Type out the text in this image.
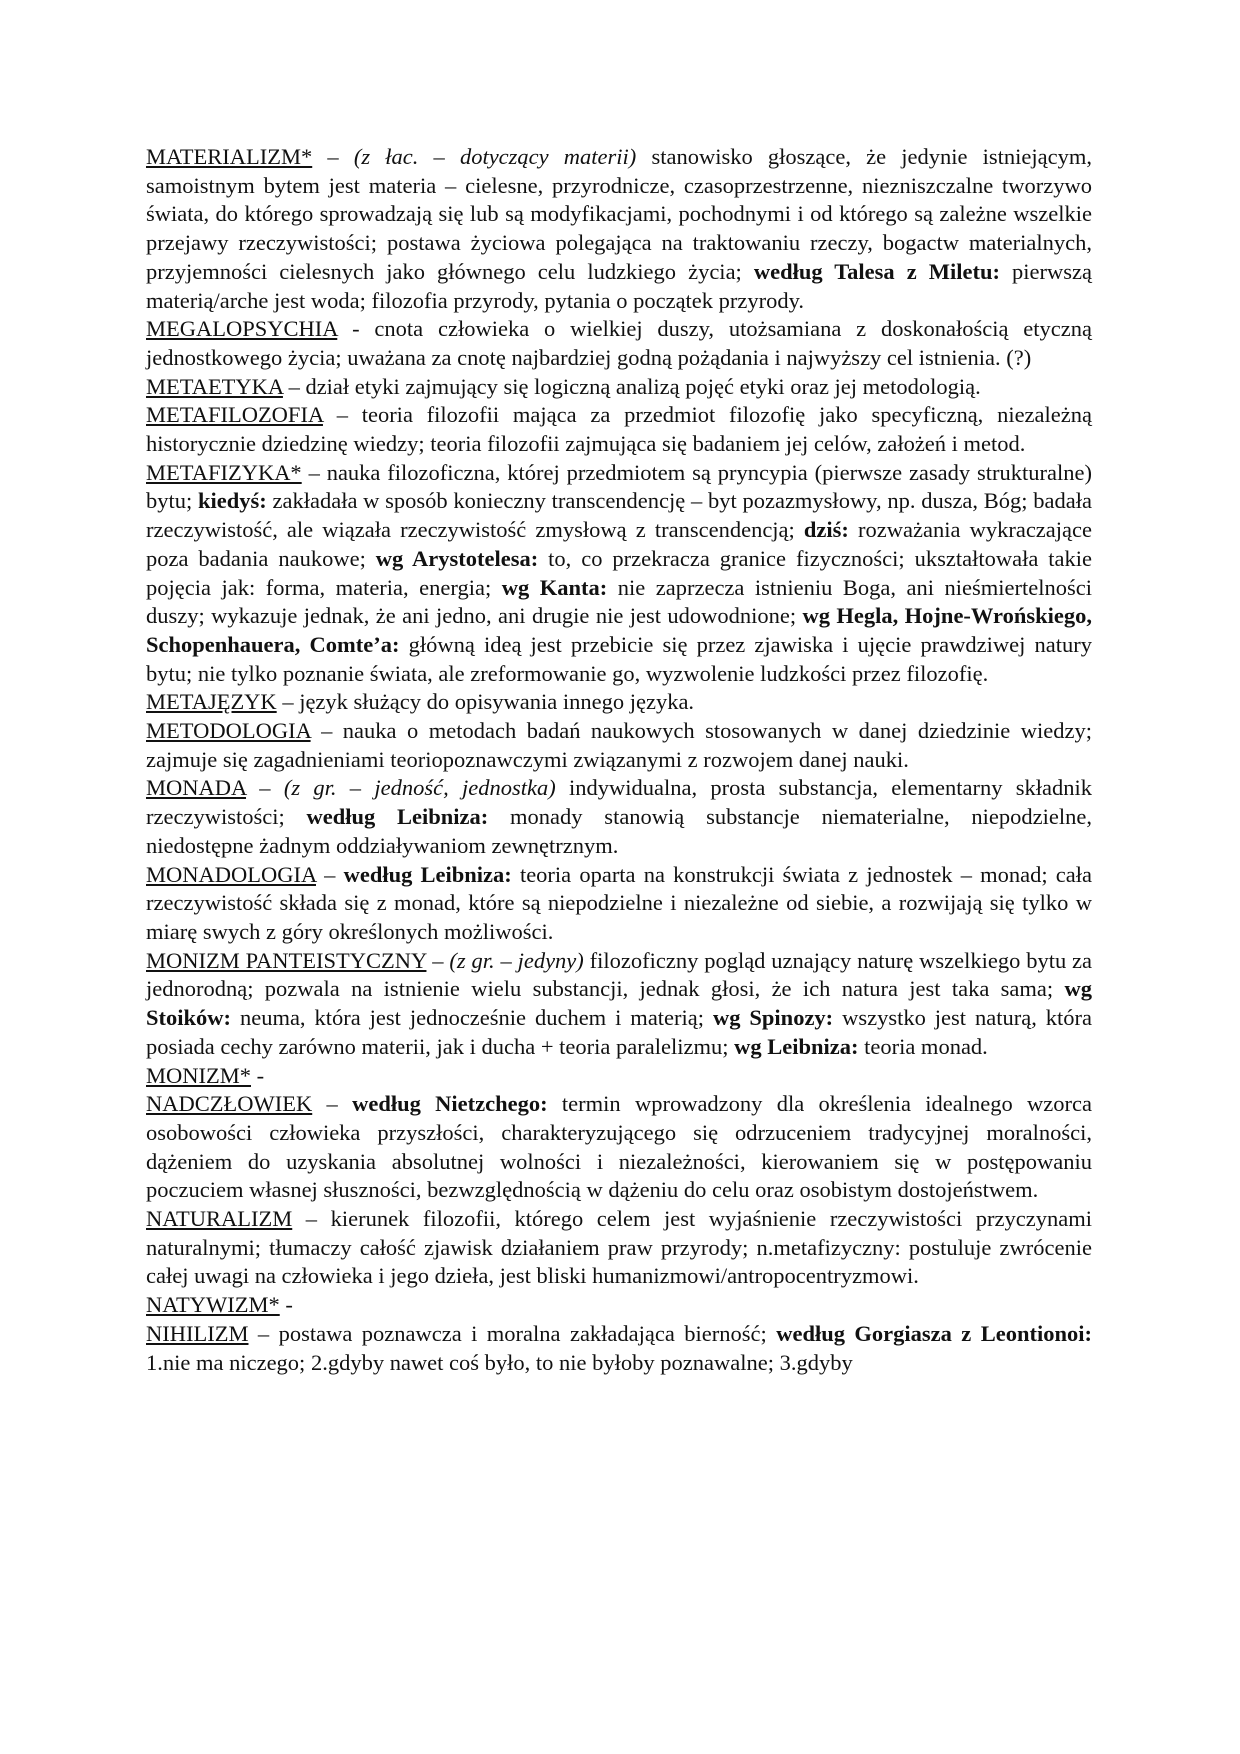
MATERIALIZM* – (z łac. – dotyczący materii) stanowisko głoszące, że jedynie istniejącym, samoistnym bytem jest materia – cielesne, przyrodnicze, czasoprzestrzenne, niezniszczalne tworzywo świata, do którego sprowadzają się lub są modyfikacjami, pochodnymi i od którego są zależne wszelkie przejawy rzeczywistości; postawa życiowa polegająca na traktowaniu rzeczy, bogactw materialnych, przyjemności cielesnych jako głównego celu ludzkiego życia; według Talesa z Miletu: pierwszą materią/arche jest woda; filozofia przyrody, pytania o początek przyrody.

MEGALOPSYCHIA - cnota człowieka o wielkiej duszy, utożsamiana z doskonałością etyczną jednostkowego życia; uważana za cnotę najbardziej godną pożądania i najwyższy cel istnienia. (?)

METAETYKA – dział etyki zajmujący się logiczną analizą pojęć etyki oraz jej metodologią.

METAFILOZOFIA – teoria filozofii mająca za przedmiot filozofię jako specyficzną, niezależną historycznie dziedzinę wiedzy; teoria filozofii zajmująca się badaniem jej celów, założeń i metod.

METAFIZYKA* – nauka filozoficzna, której przedmiotem są pryncypia (pierwsze zasady strukturalne) bytu; kiedyś: zakładała w sposób konieczny transcendencję – byt pozazmysłowy, np. dusza, Bóg; badała rzeczywistość, ale wiązała rzeczywistość zmysłową z transcendencją; dziś: rozważania wykraczające poza badania naukowe; wg Arystotelesa: to, co przekracza granice fizyczności; ukształtowała takie pojęcia jak: forma, materia, energia; wg Kanta: nie zaprzecza istnieniu Boga, ani nieśmiertelności duszy; wykazuje jednak, że ani jedno, ani drugie nie jest udowodnione; wg Hegla, Hojne-Wrońskiego, Schopenhauera, Comte’a: główną ideą jest przebicie się przez zjawiska i ujęcie prawdziwej natury bytu; nie tylko poznanie świata, ale zreformowanie go, wyzwolenie ludzkości przez filozofię.

METAJĘZYK – język służący do opisywania innego języka.

METODOLOGIA – nauka o metodach badań naukowych stosowanych w danej dziedzinie wiedzy; zajmuje się zagadnieniami teoriopoznawczymi związanymi z rozwojem danej nauki.

MONADA – (z gr. – jedność, jednostka) indywidualna, prosta substancja, elementarny składnik rzeczywistości; według Leibniza: monady stanowią substancje niematerialne, niepodzielne, niedostępne żadnym oddziaływaniom zewnętrznym.

MONADOLOGIA – według Leibniza: teoria oparta na konstrukcji świata z jednostek – monad; cała rzeczywistość składa się z monad, które są niepodzielne i niezależne od siebie, a rozwijają się tylko w miarę swych z góry określonych możliwości.

MONIZM PANTEISTYCZNY – (z gr. – jedyny) filozoficzny pogląd uznający naturę wszelkiego bytu za jednorodną; pozwala na istnienie wielu substancji, jednak głosi, że ich natura jest taka sama; wg Stoików: neuma, która jest jednocześnie duchem i materią; wg Spinozy: wszystko jest naturą, która posiada cechy zarówno materii, jak i ducha + teoria paralelizmu; wg Leibniza: teoria monad.

MONIZM* -

NADCZŁOWIEK – według Nietzchego: termin wprowadzony dla określenia idealnego wzorca osobowości człowieka przyszłości, charakteryzującego się odrzuceniem tradycyjnej moralności, dążeniem do uzyskania absolutnej wolności i niezależności, kierowaniem się w postępowaniu poczuciem własnej słuszności, bezwzględnością w dążeniu do celu oraz osobistym dostojeństwem.

NATURALIZM – kierunek filozofii, którego celem jest wyjaśnienie rzeczywistości przyczynami naturalnymi; tłumaczy całość zjawisk działaniem praw przyrody; n.metafizyczny: postuluje zwrócenie całej uwagi na człowieka i jego dzieła, jest bliski humanizmowi/antropocentryzmowi.

NATYWIZM* -

NIHILIZM – postawa poznawcza i moralna zakładająca bierność; według Gorgiasza z Leontionoi: 1.nie ma niczego; 2.gdyby nawet coś było, to nie byłoby poznawalne; 3.gdyby
